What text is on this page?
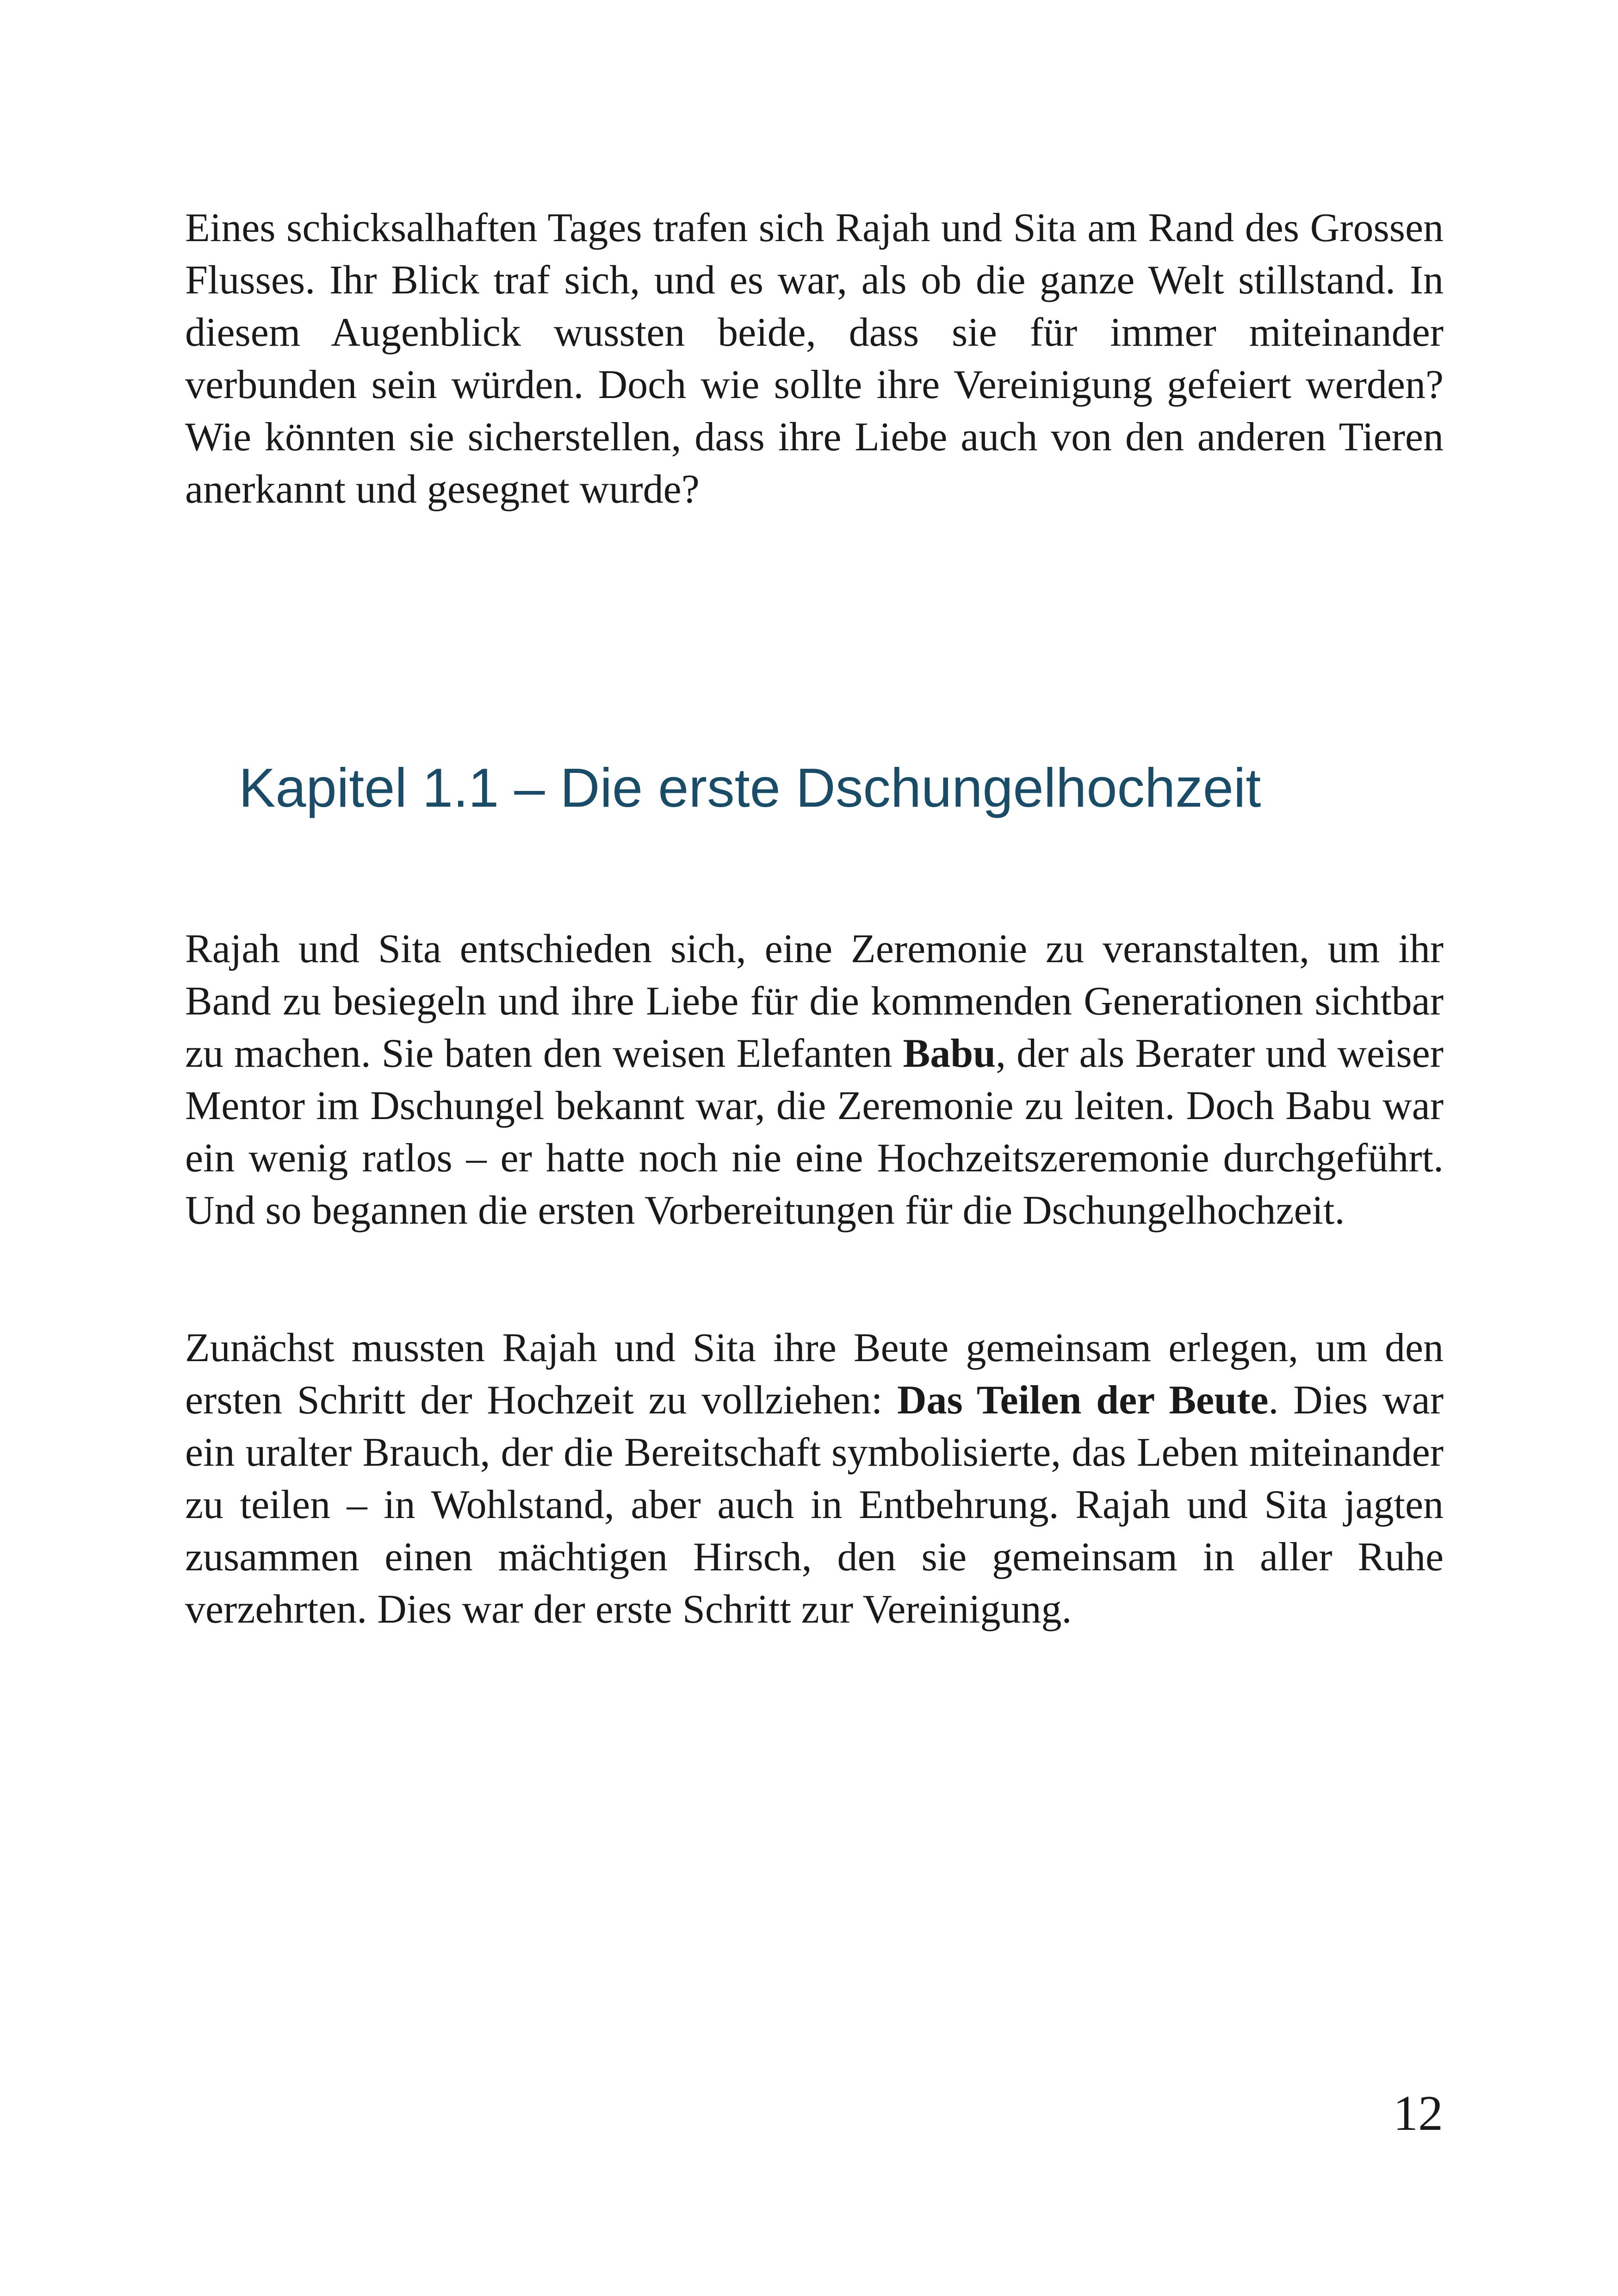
Eines schicksalhaften Tages trafen sich Rajah und Sita am Rand des Grossen Flusses. Ihr Blick traf sich, und es war, als ob die ganze Welt stillstand. In diesem Augenblick wussten beide, dass sie für immer miteinander verbunden sein würden. Doch wie sollte ihre Vereinigung gefeiert werden? Wie könnten sie sicherstellen, dass ihre Liebe auch von den anderen Tieren anerkannt und gesegnet wurde?

Kapitel 1.1 – Die erste Dschungelhochzeit

Rajah und Sita entschieden sich, eine Zeremonie zu veranstalten, um ihr Band zu besiegeln und ihre Liebe für die kommenden Generationen sichtbar zu machen. Sie baten den weisen Elefanten Babu, der als Berater und weiser Mentor im Dschungel bekannt war, die Zeremonie zu leiten. Doch Babu war ein wenig ratlos – er hatte noch nie eine Hochzeitszeremonie durchgeführt. Und so begannen die ersten Vorbereitungen für die Dschungelhochzeit.

Zunächst mussten Rajah und Sita ihre Beute gemeinsam erlegen, um den ersten Schritt der Hochzeit zu vollziehen: Das Teilen der Beute. Dies war ein uralter Brauch, der die Bereitschaft symbolisierte, das Leben miteinander zu teilen – in Wohlstand, aber auch in Entbehrung. Rajah und Sita jagten zusammen einen mächtigen Hirsch, den sie gemeinsam in aller Ruhe verzehrten. Dies war der erste Schritt zur Vereinigung.

12
